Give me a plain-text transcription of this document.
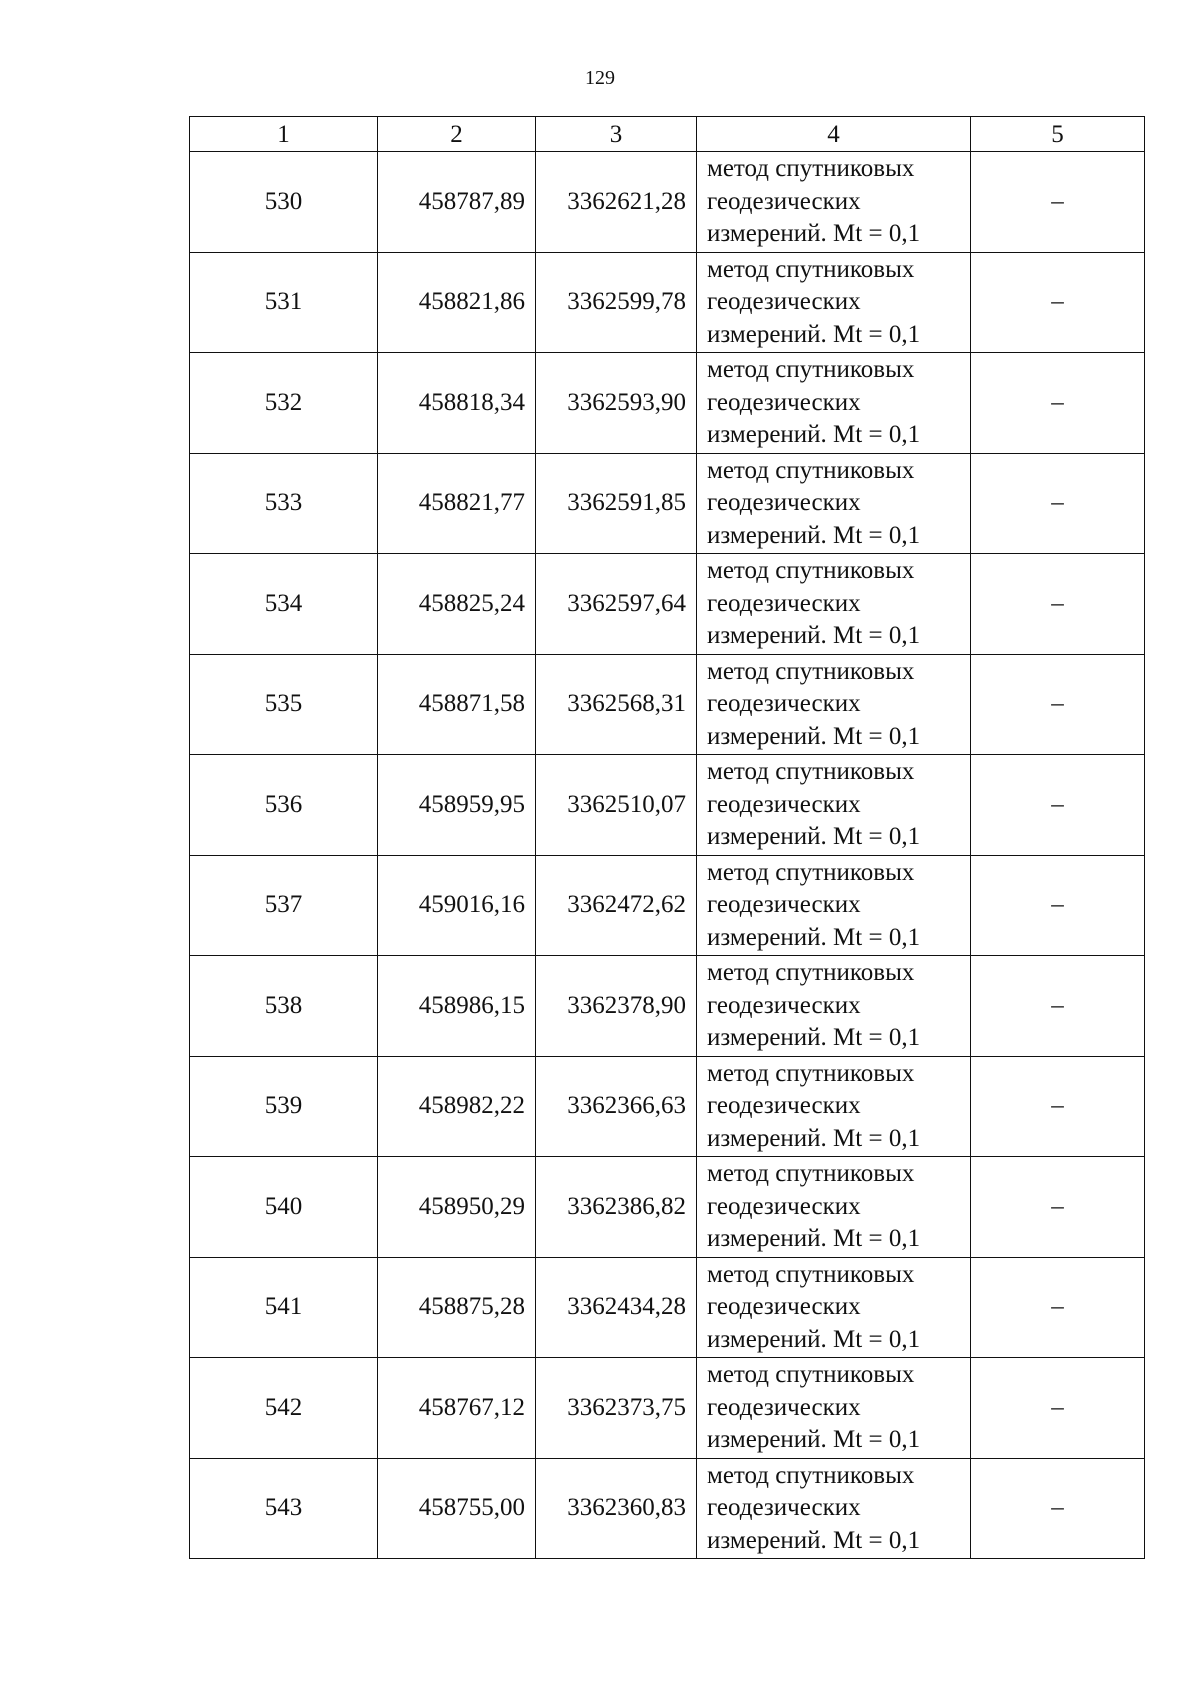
129
1	2	3	4	5
530	458787,89	3362621,28	метод спутниковых
геодезических
измерений. Mt = 0,1	–
531	458821,86	3362599,78	метод спутниковых
геодезических
измерений. Mt = 0,1	–
532	458818,34	3362593,90	метод спутниковых
геодезических
измерений. Mt = 0,1	–
533	458821,77	3362591,85	метод спутниковых
геодезических
измерений. Mt = 0,1	–
534	458825,24	3362597,64	метод спутниковых
геодезических
измерений. Mt = 0,1	–
535	458871,58	3362568,31	метод спутниковых
геодезических
измерений. Mt = 0,1	–
536	458959,95	3362510,07	метод спутниковых
геодезических
измерений. Mt = 0,1	–
537	459016,16	3362472,62	метод спутниковых
геодезических
измерений. Mt = 0,1	–
538	458986,15	3362378,90	метод спутниковых
геодезических
измерений. Mt = 0,1	–
539	458982,22	3362366,63	метод спутниковых
геодезических
измерений. Mt = 0,1	–
540	458950,29	3362386,82	метод спутниковых
геодезических
измерений. Mt = 0,1	–
541	458875,28	3362434,28	метод спутниковых
геодезических
измерений. Mt = 0,1	–
542	458767,12	3362373,75	метод спутниковых
геодезических
измерений. Mt = 0,1	–
543	458755,00	3362360,83	метод спутниковых
геодезических
измерений. Mt = 0,1	–
